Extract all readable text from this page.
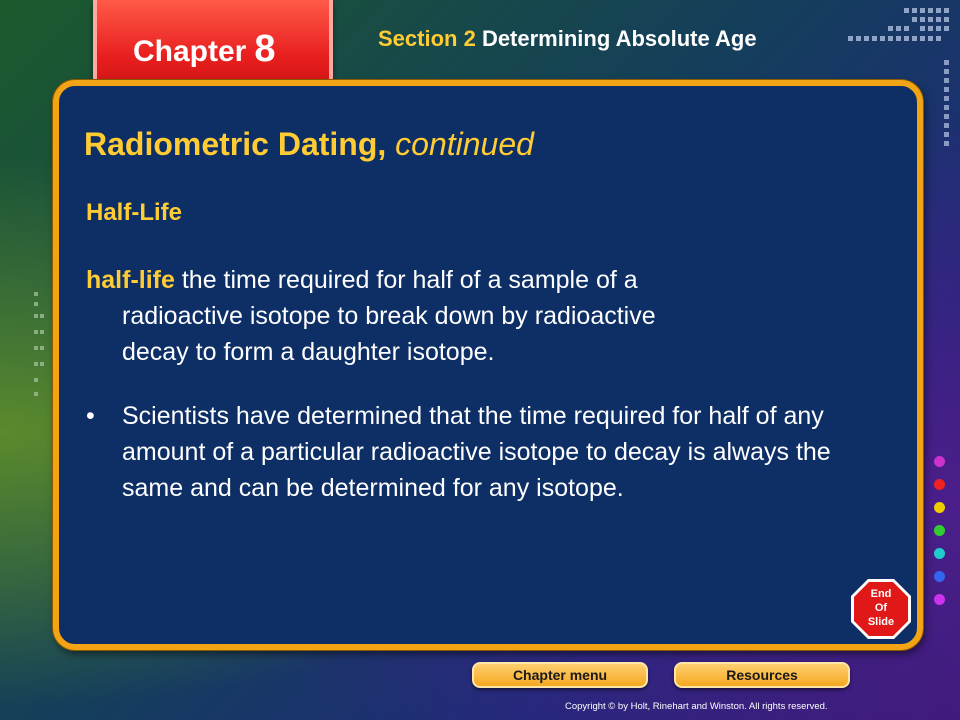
Chapter 8	Section 2 Determining Absolute Age
Radiometric Dating, continued
Half-Life
half-life the time required for half of a sample of a
radioactive isotope to break down by radioactive
decay to form a daughter isotope.
•	Scientists have determined that the time required for half of any amount of a particular radioactive isotope to decay is always the same and can be determined for any isotope.
End
Of
Slide
Chapter menu	Resources
Copyright © by Holt, Rinehart and Winston. All rights reserved.
